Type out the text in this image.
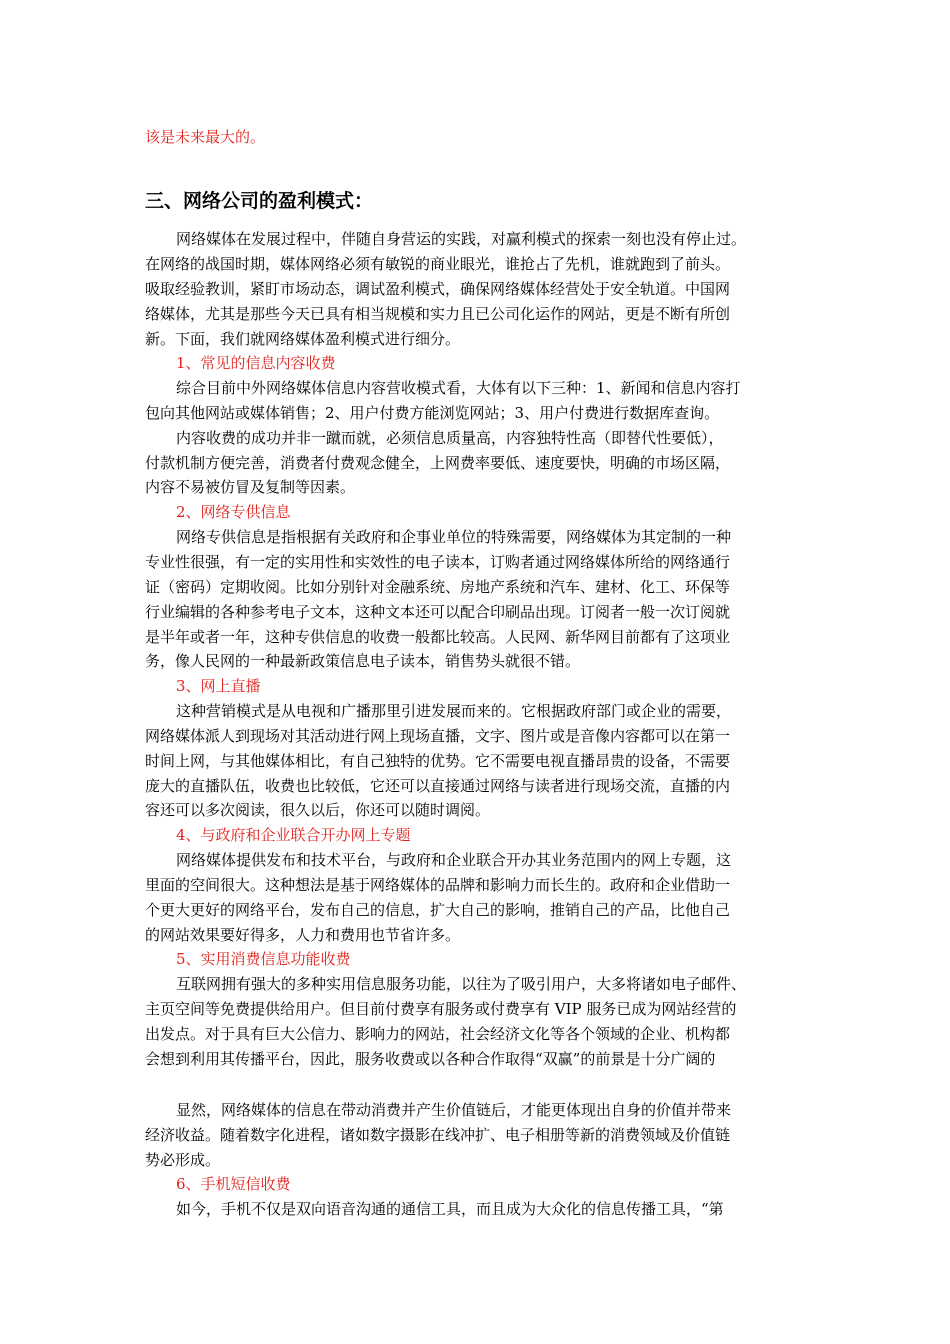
该是未来最大的。
三、网络公司的盈利模式：
网络媒体在发展过程中，伴随自身营运的实践，对赢利模式的探索一刻也没有停止过。
在网络的战国时期，媒体网络必须有敏锐的商业眼光，谁抢占了先机，谁就跑到了前头。
吸取经验教训，紧盯市场动态，调试盈利模式，确保网络媒体经营处于安全轨道。中国网
络媒体，尤其是那些今天已具有相当规模和实力且已公司化运作的网站，更是不断有所创
新。下面，我们就网络媒体盈利模式进行细分。
1、常见的信息内容收费
综合目前中外网络媒体信息内容营收模式看，大体有以下三种：1、新闻和信息内容打
包向其他网站或媒体销售；2、用户付费方能浏览网站；3、用户付费进行数据库查询。
内容收费的成功并非一蹴而就，必须信息质量高，内容独特性高（即替代性要低），
付款机制方便完善，消费者付费观念健全，上网费率要低、速度要快，明确的市场区隔，
内容不易被仿冒及复制等因素。
2、网络专供信息
网络专供信息是指根据有关政府和企事业单位的特殊需要，网络媒体为其定制的一种
专业性很强，有一定的实用性和实效性的电子读本，订购者通过网络媒体所给的网络通行
证（密码）定期收阅。比如分别针对金融系统、房地产系统和汽车、建材、化工、环保等
行业编辑的各种参考电子文本，这种文本还可以配合印刷品出现。订阅者一般一次订阅就
是半年或者一年，这种专供信息的收费一般都比较高。人民网、新华网目前都有了这项业
务，像人民网的一种最新政策信息电子读本，销售势头就很不错。
3、网上直播
这种营销模式是从电视和广播那里引进发展而来的。它根据政府部门或企业的需要，
网络媒体派人到现场对其活动进行网上现场直播，文字、图片或是音像内容都可以在第一
时间上网，与其他媒体相比，有自己独特的优势。它不需要电视直播昂贵的设备，不需要
庞大的直播队伍，收费也比较低，它还可以直接通过网络与读者进行现场交流，直播的内
容还可以多次阅读，很久以后，你还可以随时调阅。
4、与政府和企业联合开办网上专题
网络媒体提供发布和技术平台，与政府和企业联合开办其业务范围内的网上专题，这
里面的空间很大。这种想法是基于网络媒体的品牌和影响力而长生的。政府和企业借助一
个更大更好的网络平台，发布自己的信息，扩大自己的影响，推销自己的产品，比他自己
的网站效果要好得多，人力和费用也节省许多。
5、实用消费信息功能收费
互联网拥有强大的多种实用信息服务功能，以往为了吸引用户，大多将诸如电子邮件、
主页空间等免费提供给用户。但目前付费享有服务或付费享有 VIP 服务已成为网站经营的
出发点。对于具有巨大公信力、影响力的网站，社会经济文化等各个领域的企业、机构都
会想到利用其传播平台，因此，服务收费或以各种合作取得“双赢”的前景是十分广阔的
显然，网络媒体的信息在带动消费并产生价值链后，才能更体现出自身的价值并带来
经济收益。随着数字化进程，诸如数字摄影在线冲扩、电子相册等新的消费领域及价值链
势必形成。
6、手机短信收费
如今，手机不仅是双向语音沟通的通信工具，而且成为大众化的信息传播工具，“第
